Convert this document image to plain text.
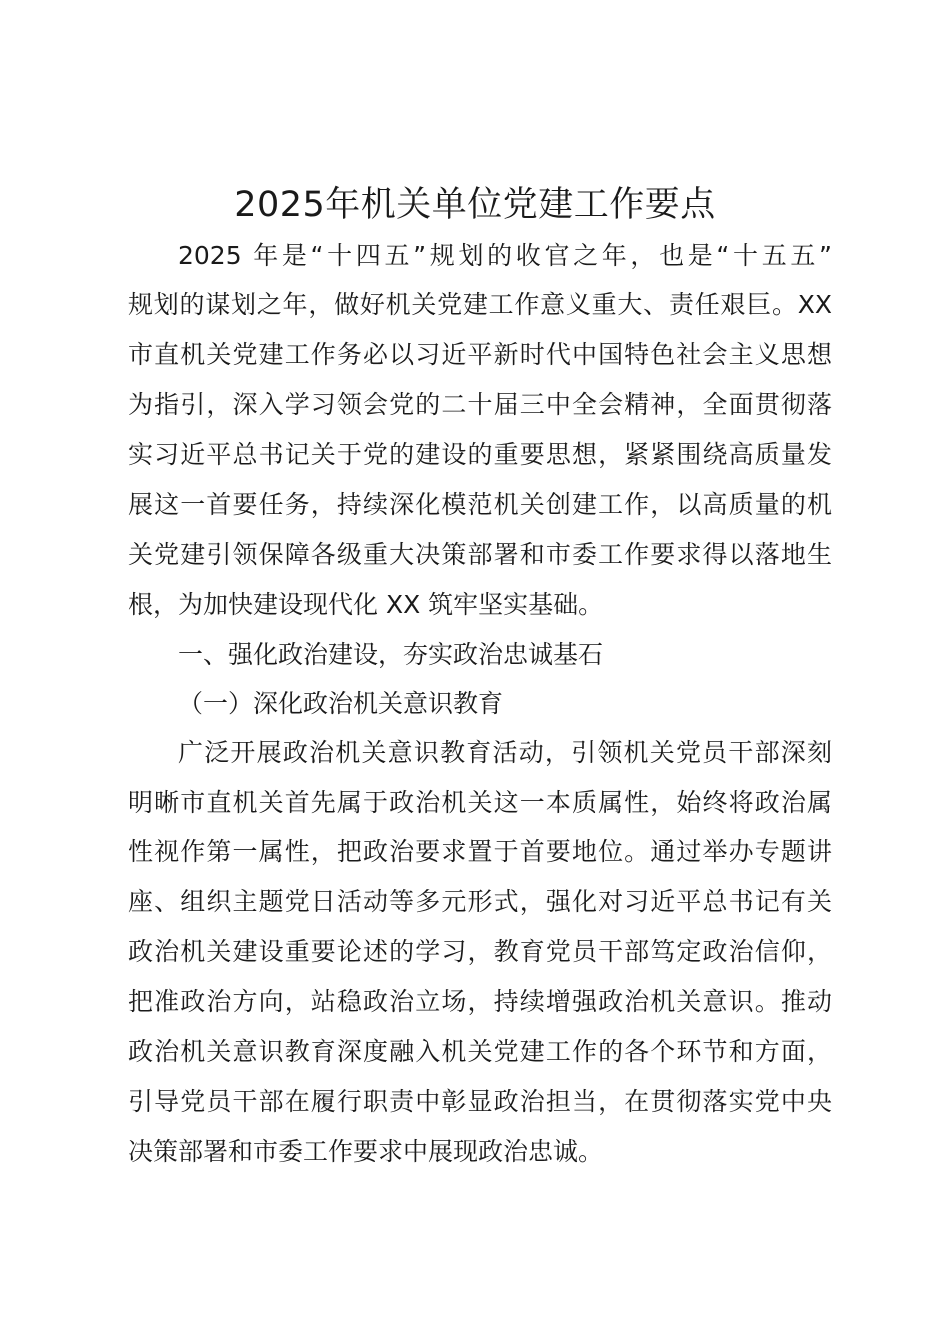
2025年机关单位党建工作要点

2025 年是“十四五”规划的收官之年，也是“十五五”

规划的谋划之年，做好机关党建工作意义重大、责任艰巨。XX

市直机关党建工作务必以习近平新时代中国特色社会主义思想

为指引，深入学习领会党的二十届三中全会精神，全面贯彻落

实习近平总书记关于党的建设的重要思想，紧紧围绕高质量发

展这一首要任务，持续深化模范机关创建工作，以高质量的机

关党建引领保障各级重大决策部署和市委工作要求得以落地生

根，为加快建设现代化 XX 筑牢坚实基础。

一、强化政治建设，夯实政治忠诚基石

（一）深化政治机关意识教育

广泛开展政治机关意识教育活动，引领机关党员干部深刻

明晰市直机关首先属于政治机关这一本质属性，始终将政治属

性视作第一属性，把政治要求置于首要地位。通过举办专题讲

座、组织主题党日活动等多元形式，强化对习近平总书记有关

政治机关建设重要论述的学习，教育党员干部笃定政治信仰，

把准政治方向，站稳政治立场，持续增强政治机关意识。推动

政治机关意识教育深度融入机关党建工作的各个环节和方面，

引导党员干部在履行职责中彰显政治担当，在贯彻落实党中央

决策部署和市委工作要求中展现政治忠诚。
